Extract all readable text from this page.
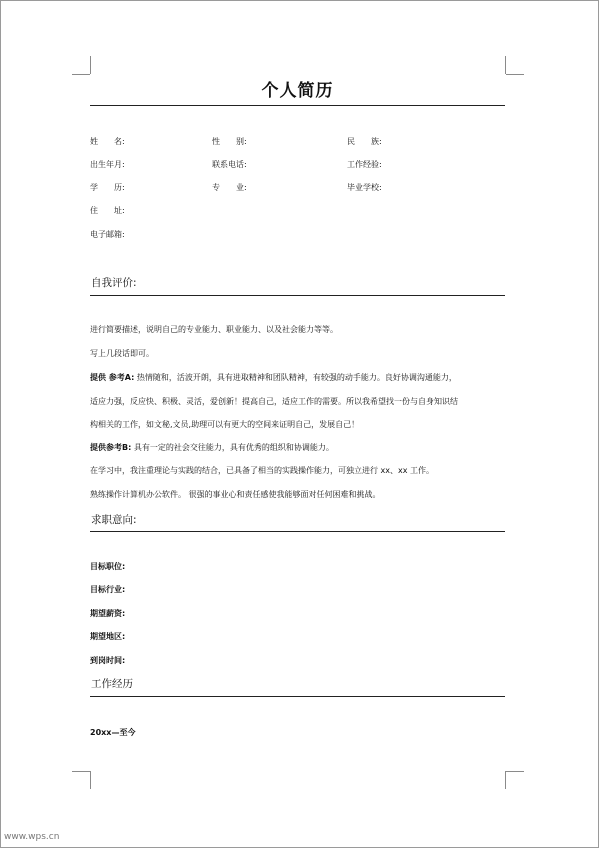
个人简历
姓　　名:	性　　别:	民　　族:
出生年月:	联系电话:	工作经验:
学　　历:	专　　业:	毕业学校:
住　　址:
电子邮箱:
自我评价:
进行简要描述，说明自己的专业能力、职业能力、以及社会能力等等。
写上几段话即可。
提供 参考A: 热情随和，活波开朗，具有进取精神和团队精神，有较强的动手能力。良好协调沟通能力，
适应力强，反应快、积极、灵活，爱创新！提高自己，适应工作的需要。所以我希望找一份与自身知识结
构相关的工作，如文秘,文员,助理可以有更大的空间来证明自己，发展自己！
提供参考B: 具有一定的社会交往能力，具有优秀的组织和协调能力。
在学习中，我注重理论与实践的结合，已具备了相当的实践操作能力，可独立进行 xx、xx 工作。
熟练操作计算机办公软件。 很强的事业心和责任感使我能够面对任何困难和挑战。
求职意向:
目标职位:
目标行业:
期望薪资:
期望地区:
到岗时间:
工作经历
20xx—至今
www.wps.cn
